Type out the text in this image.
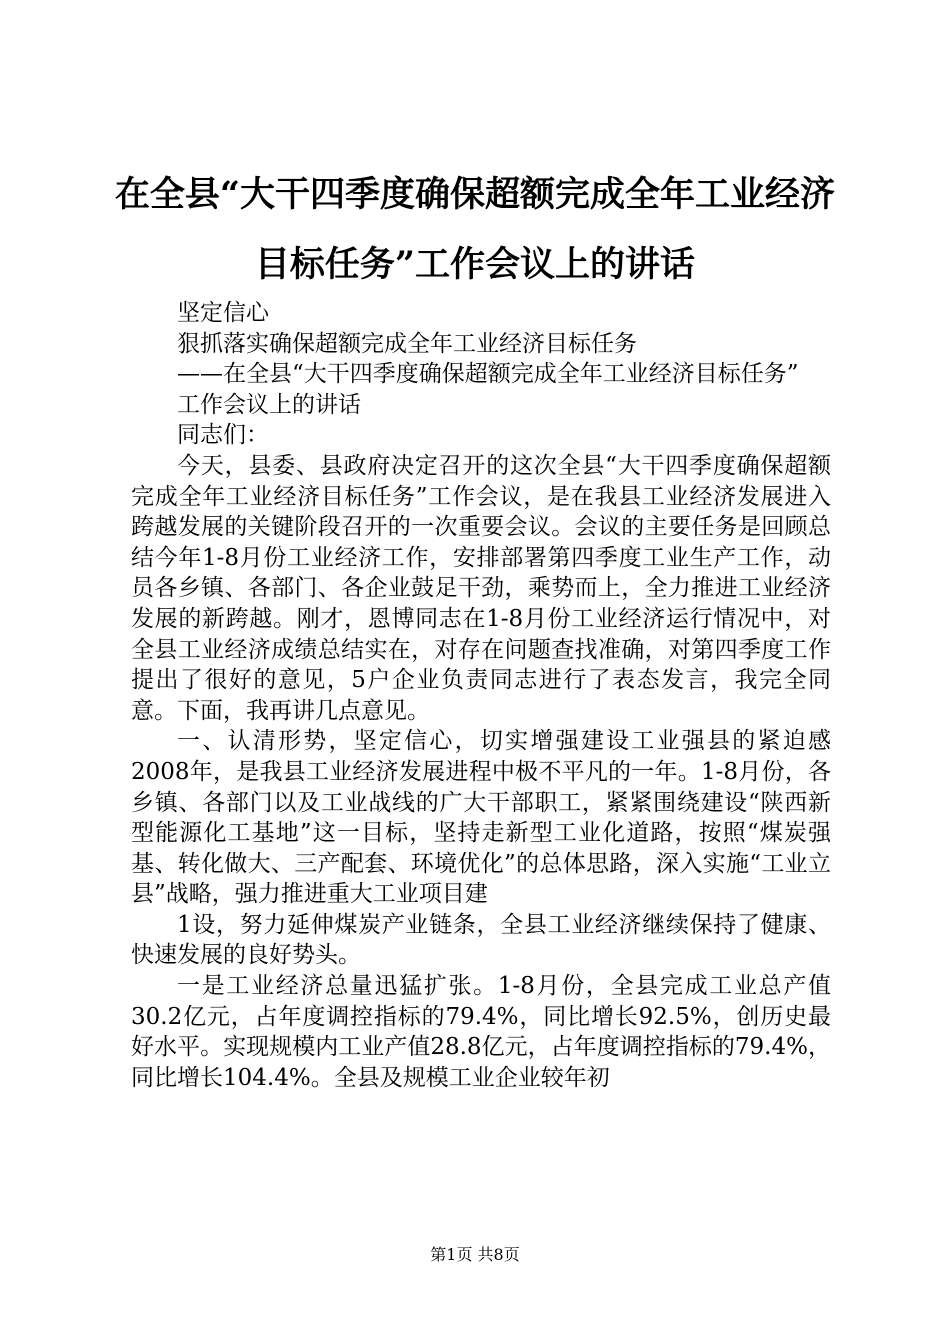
在全县“大干四季度确保超额完成全年工业经济目标任务”工作会议上的讲话

坚定信心

狠抓落实确保超额完成全年工业经济目标任务

——在全县“大干四季度确保超额完成全年工业经济目标任务”

工作会议上的讲话

同志们：

今天，县委、县政府决定召开的这次全县“大干四季度确保超额完成全年工业经济目标任务”工作会议，是在我县工业经济发展进入跨越发展的关键阶段召开的一次重要会议。会议的主要任务是回顾总结今年1-8月份工业经济工作，安排部署第四季度工业生产工作，动员各乡镇、各部门、各企业鼓足干劲，乘势而上，全力推进工业经济发展的新跨越。刚才，恩博同志在1-8月份工业经济运行情况中，对全县工业经济成绩总结实在，对存在问题查找准确，对第四季度工作提出了很好的意见，5户企业负责同志进行了表态发言，我完全同意。下面，我再讲几点意见。

一、认清形势，坚定信心，切实增强建设工业强县的紧迫感2008年，是我县工业经济发展进程中极不平凡的一年。1-8月份，各乡镇、各部门以及工业战线的广大干部职工，紧紧围绕建设“陕西新型能源化工基地”这一目标，坚持走新型工业化道路，按照“煤炭强基、转化做大、三产配套、环境优化”的总体思路，深入实施“工业立县”战略，强力推进重大工业项目建

1设，努力延伸煤炭产业链条，全县工业经济继续保持了健康、快速发展的良好势头。

一是工业经济总量迅猛扩张。1-8月份，全县完成工业总产值30.2亿元，占年度调控指标的79.4%，同比增长92.5%，创历史最好水平。实现规模内工业产值28.8亿元，占年度调控指标的79.4%，同比增长104.4%。全县及规模工业企业较年初

第1页 共8页
